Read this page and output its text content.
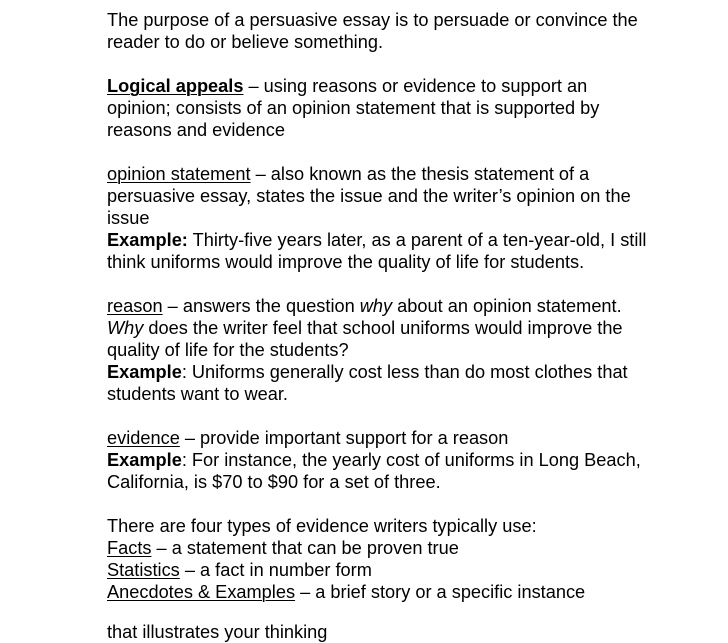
The purpose of a persuasive essay is to persuade or convince the reader to do or believe something.

Logical appeals – using reasons or evidence to support an opinion; consists of an opinion statement that is supported by reasons and evidence

opinion statement – also known as the thesis statement of a persuasive essay, states the issue and the writer’s opinion on the issue

Example: Thirty-five years later, as a parent of a ten-year-old, I still think uniforms would improve the quality of life for students.

reason – answers the question why about an opinion statement. Why does the writer feel that school uniforms would improve the quality of life for the students?

Example: Uniforms generally cost less than do most clothes that students want to wear.

evidence – provide important support for a reason

Example: For instance, the yearly cost of uniforms in Long Beach, California, is $70 to $90 for a set of three.

There are four types of evidence writers typically use:

Facts – a statement that can be proven true

Statistics – a fact in number form

Anecdotes & Examples – a brief story or a specific instance

that illustrates your thinking
